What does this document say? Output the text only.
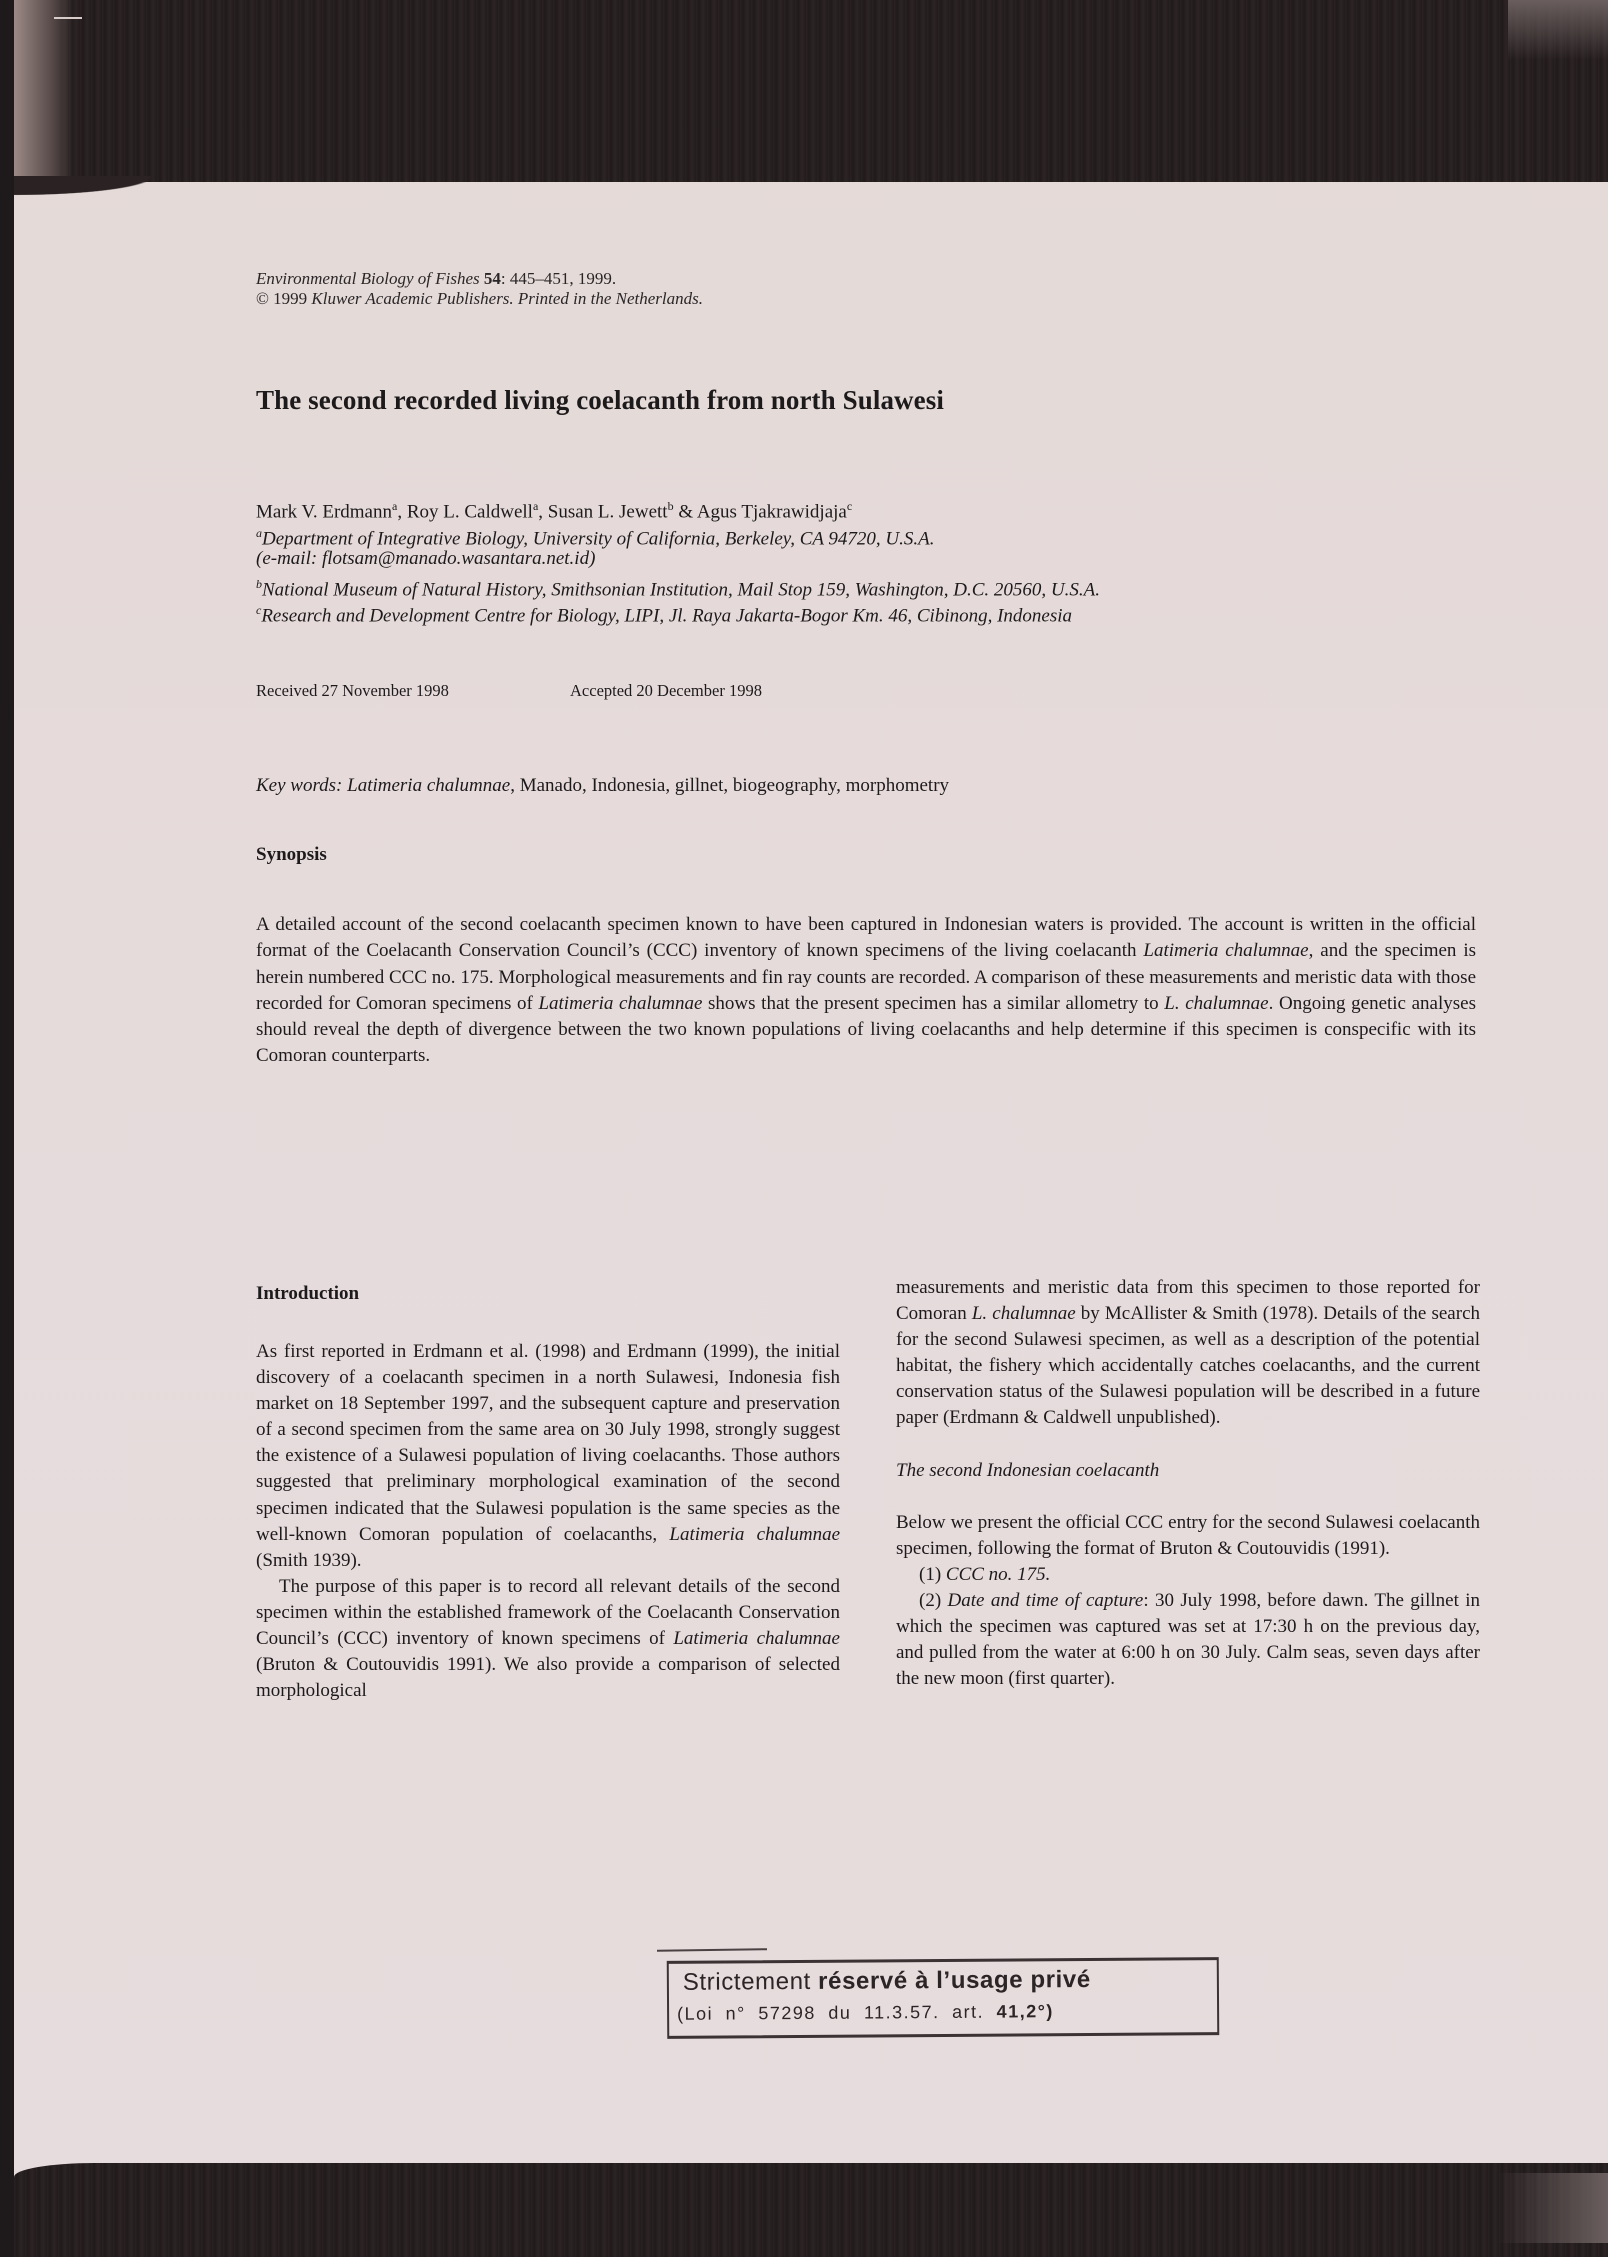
Environmental Biology of Fishes 54: 445–451, 1999.
© 1999 Kluwer Academic Publishers. Printed in the Netherlands.
The second recorded living coelacanth from north Sulawesi
Mark V. Erdmann$^a$, Roy L. Caldwell$^a$, Susan L. Jewett$^b$ & Agus Tjakrawidjaja$^c$
$^a$Department of Integrative Biology, University of California, Berkeley, CA 94720, U.S.A.
(e-mail: flotsam@manado.wasantara.net.id)
$^b$National Museum of Natural History, Smithsonian Institution, Mail Stop 159, Washington, D.C. 20560, U.S.A.
$^c$Research and Development Centre for Biology, LIPI, Jl. Raya Jakarta-Bogor Km. 46, Cibinong, Indonesia
Received 27 November 1998	Accepted 20 December 1998
Key words: Latimeria chalumnae, Manado, Indonesia, gillnet, biogeography, morphometry
Synopsis

A detailed account of the second coelacanth specimen known to have been captured in Indonesian waters is provided. The account is written in the official format of the Coelacanth Conservation Council’s (CCC) inventory of known specimens of the living coelacanth Latimeria chalumnae, and the specimen is herein numbered CCC no. 175. Morphological measurements and fin ray counts are recorded. A comparison of these measurements and meristic data with those recorded for Comoran specimens of Latimeria chalumnae shows that the present specimen has a similar allometry to L. chalumnae. Ongoing genetic analyses should reveal the depth of divergence between the two known populations of living coelacanths and help determine if this specimen is conspecific with its Comoran counterparts.

Introduction

As first reported in Erdmann et al. (1998) and Erdmann (1999), the initial discovery of a coelacanth specimen in a north Sulawesi, Indonesia fish market on 18 September 1997, and the subsequent capture and preservation of a second specimen from the same area on 30 July 1998, strongly suggest the existence of a Sulawesi population of living coelacanths. Those authors suggested that preliminary morphological examination of the second specimen indicated that the Sulawesi population is the same species as the well-known Comoran population of coelacanths, Latimeria chalumnae (Smith 1939).

The purpose of this paper is to record all relevant details of the second specimen within the established framework of the Coelacanth Conservation Council’s (CCC) inventory of known specimens of Latimeria chalumnae (Bruton & Coutouvidis 1991). We also provide a comparison of selected morphological

measurements and meristic data from this specimen to those reported for Comoran L. chalumnae by McAllister & Smith (1978). Details of the search for the second Sulawesi specimen, as well as a description of the potential habitat, the fishery which accidentally catches coelacanths, and the current conservation status of the Sulawesi population will be described in a future paper (Erdmann & Caldwell unpublished).

The second Indonesian coelacanth

Below we present the official CCC entry for the second Sulawesi coelacanth specimen, following the format of Bruton & Coutouvidis (1991).

(1) CCC no. 175.

(2) Date and time of capture: 30 July 1998, before dawn. The gillnet in which the specimen was captured was set at 17:30 h on the previous day, and pulled from the water at 6:00 h on 30 July. Calm seas, seven days after the new moon (first quarter).

Strictement réservé à l’usage privé
(Loi n° 57298 du 11.3.57. art. 41,2°)
